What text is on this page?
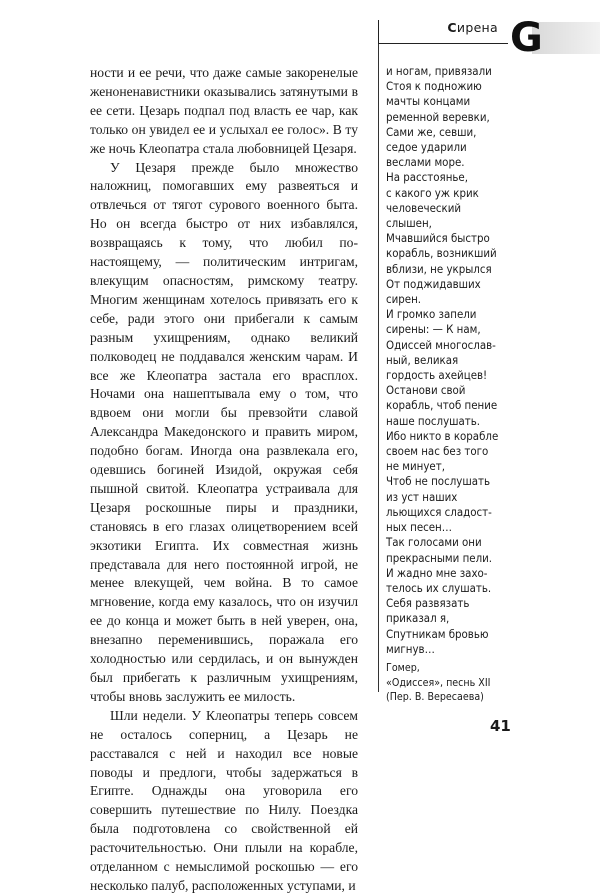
Сирена G

ности и ее речи, что даже самые закоренелые женоненавистники оказывались затянутыми в ее сети. Цезарь подпал под власть ее чар, как только он увидел ее и услыхал ее голос». В ту же ночь Клеопатра стала любовницей Цезаря.

У Цезаря прежде было множество наложниц, помогавших ему развеяться и отвлечься от тягот сурового военного быта. Но он всегда быстро от них избавлялся, возвращаясь к тому, что любил по-настоящему, — политическим интригам, влекущим опасностям, римскому театру. Многим женщинам хотелось привязать его к себе, ради этого они прибегали к самым разным ухищрениям, однако великий полководец не поддавался женским чарам. И все же Клеопатра застала его врасплох. Ночами она нашептывала ему о том, что вдвоем они могли бы превзойти славой Александра Македонского и править миром, подобно богам. Иногда она развлекала его, одевшись богиней Изидой, окружая себя пышной свитой. Клеопатра устраивала для Цезаря роскошные пиры и праздники, становясь в его глазах олицетворением всей экзотики Египта. Их совместная жизнь представала для него постоянной игрой, не менее влекущей, чем война. В то самое мгновение, когда ему казалось, что он изучил ее до конца и может быть в ней уверен, она, внезапно переменившись, поражала его холодностью или сердилась, и он вынужден был прибегать к различным ухищрениям, чтобы вновь заслужить ее милость.

Шли недели. У Клеопатры теперь совсем не осталось соперниц, а Цезарь не расставался с ней и находил все новые поводы и предлоги, чтобы задержаться в Египте. Однажды она уговорила его совершить путешествие по Нилу. Поездка была подготовлена со свойственной ей расточительностью. Они плыли на корабле, отделанном с немыслимой роскошью — его несколько палуб, расположенных уступами, и

и ногам, привязали
Стоя к подножию
мачты концами
ременной веревки,
Сами же, севши,
седое ударили
веслами море.
На расстоянье,
с какого уж крик
человеческий
слышен,
Мчавшийся быстро
корабль, возникший
вблизи, не укрылся
От поджидавших
сирен.
И громко запели
сирены: — К нам,
Одиссей многослав-
ный, великая
гордость ахейцев!
Останови свой
корабль, чтоб пение
наше послушать.
Ибо никто в корабле
своем нас без того
не минует,
Чтоб не послушать
из уст наших
льющихся сладост-
ных песен…
Так голосами они
прекрасными пели.
И жадно мне захо-
телось их слушать.
Себя развязать
приказал я,
Спутникам бровью
мигнув…
Гомер,
«Одиссея», песнь XII
(Пер. В. Вересаева)
41
